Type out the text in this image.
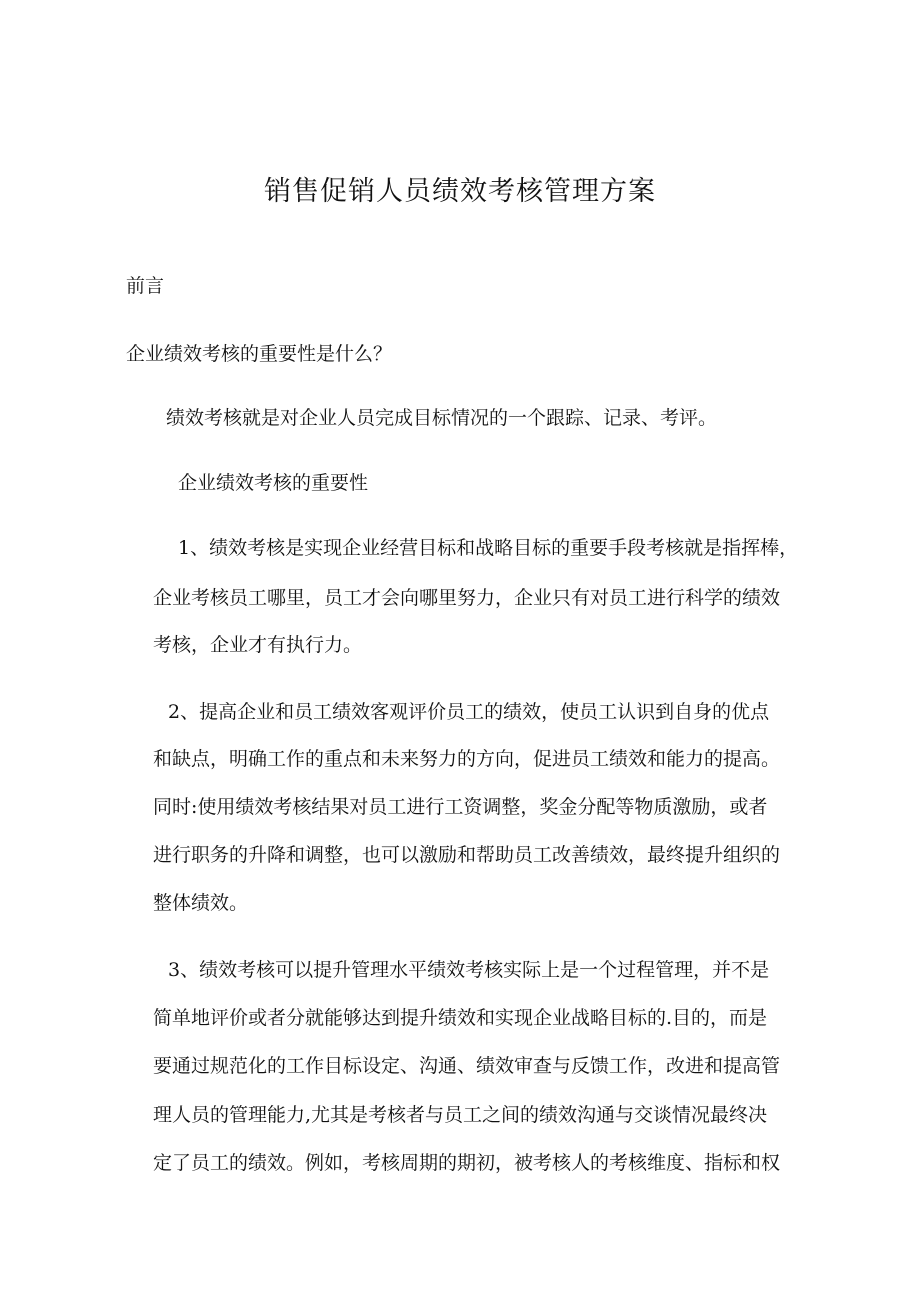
销售促销人员绩效考核管理方案
前言
企业绩效考核的重要性是什么？
绩效考核就是对企业人员完成目标情况的一个跟踪、记录、考评。
企业绩效考核的重要性
1、绩效考核是实现企业经营目标和战略目标的重要手段考核就是指挥棒，
企业考核员工哪里，员工才会向哪里努力，企业只有对员工进行科学的绩效
考核，企业才有执行力。
2、提高企业和员工绩效客观评价员工的绩效，使员工认识到自身的优点
和缺点，明确工作的重点和未来努力的方向，促进员工绩效和能力的提高。
同时:使用绩效考核结果对员工进行工资调整，奖金分配等物质激励，或者
进行职务的升降和调整，也可以激励和帮助员工改善绩效，最终提升组织的
整体绩效。
3、绩效考核可以提升管理水平绩效考核实际上是一个过程管理，并不是
简单地评价或者分就能够达到提升绩效和实现企业战略目标的.目的，而是
要通过规范化的工作目标设定、沟通、绩效审查与反馈工作，改进和提高管
理人员的管理能力,尤其是考核者与员工之间的绩效沟通与交谈情况最终决
定了员工的绩效。例如，考核周期的期初，被考核人的考核维度、指标和权
